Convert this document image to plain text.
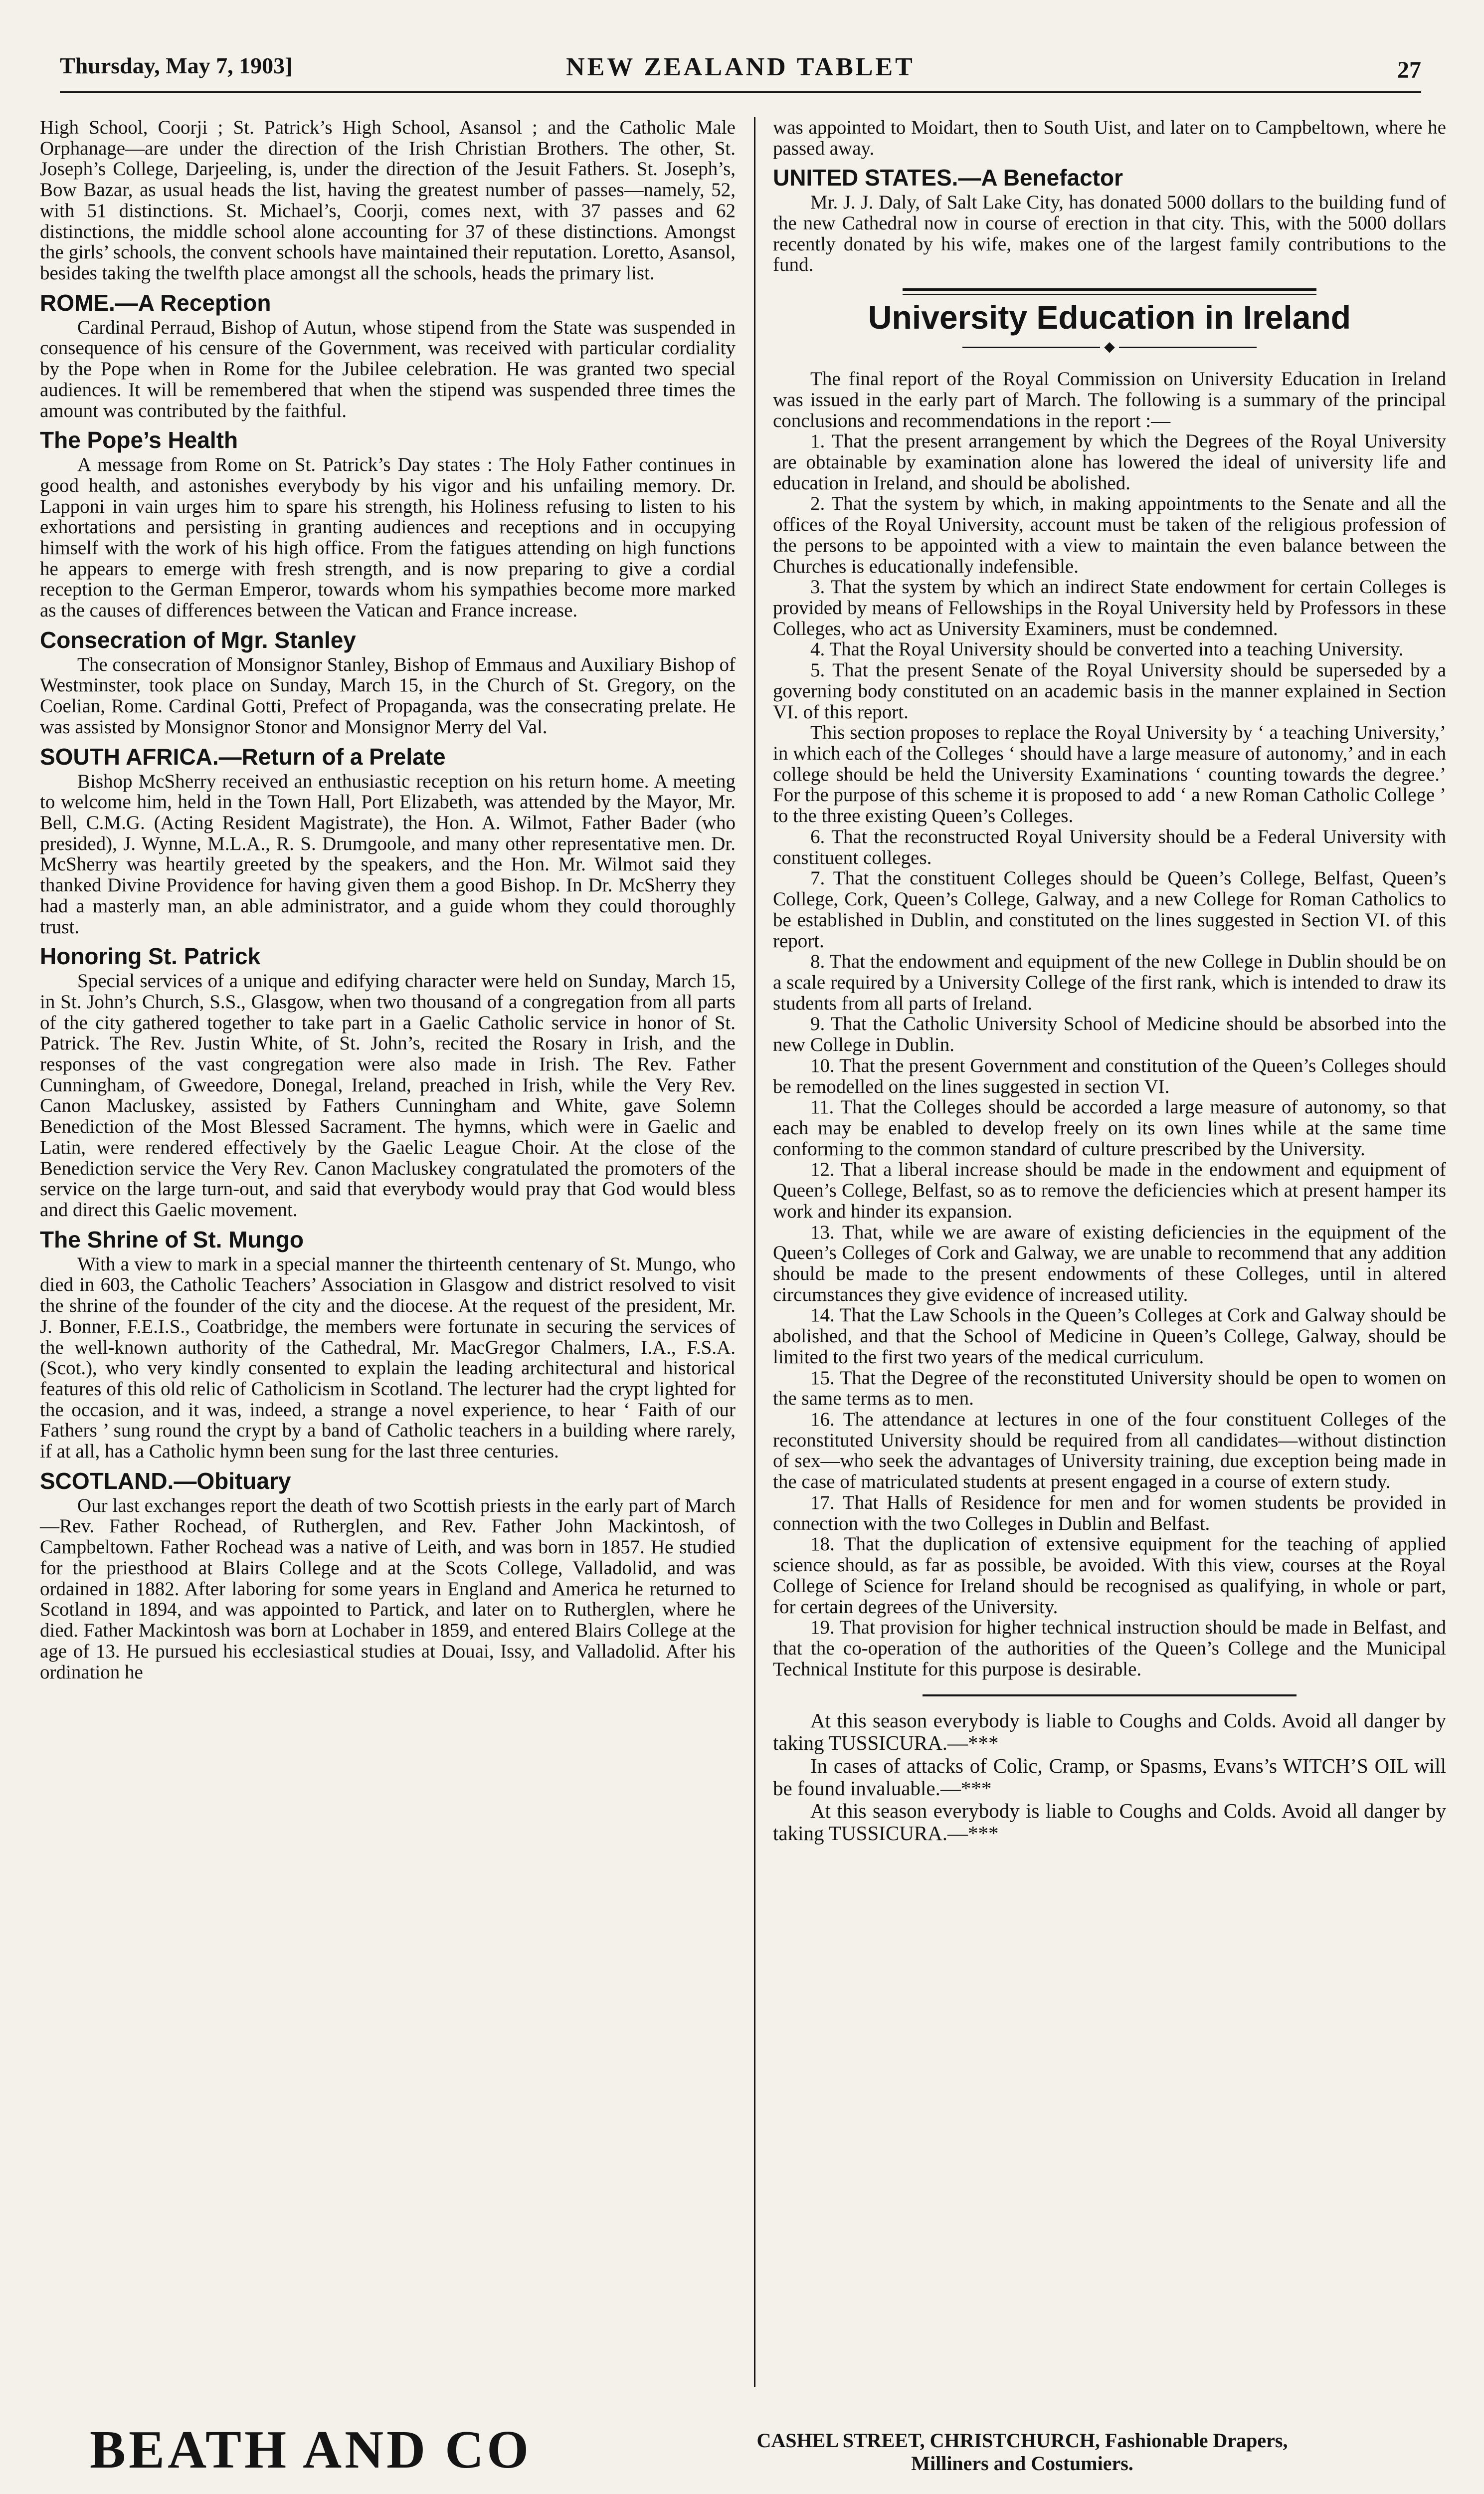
Thursday, May 7, 1903]	NEW ZEALAND TABLET	27

High School, Coorji ; St. Patrick’s High School, Asansol ; and the Catholic Male Orphanage—are under the direction of the Irish Christian Brothers. The other, St. Joseph’s College, Darjeeling, is, under the direction of the Jesuit Fathers. St. Joseph’s, Bow Bazar, as usual heads the list, having the greatest number of passes—namely, 52, with 51 distinctions. St. Michael’s, Coorji, comes next, with 37 passes and 62 distinctions, the middle school alone accounting for 37 of these distinctions. Amongst the girls’ schools, the convent schools have maintained their reputation. Loretto, Asansol, besides taking the twelfth place amongst all the schools, heads the primary list.

ROME.—A Reception

Cardinal Perraud, Bishop of Autun, whose stipend from the State was suspended in consequence of his censure of the Government, was received with particular cordiality by the Pope when in Rome for the Jubilee celebration. He was granted two special audiences. It will be remembered that when the stipend was suspended three times the amount was contributed by the faithful.

The Pope’s Health

A message from Rome on St. Patrick’s Day states : The Holy Father continues in good health, and astonishes everybody by his vigor and his unfailing memory. Dr. Lapponi in vain urges him to spare his strength, his Holiness refusing to listen to his exhortations and persisting in granting audiences and receptions and in occupying himself with the work of his high office. From the fatigues attending on high functions he appears to emerge with fresh strength, and is now preparing to give a cordial reception to the German Emperor, towards whom his sympathies become more marked as the causes of differences between the Vatican and France increase.

Consecration of Mgr. Stanley

The consecration of Monsignor Stanley, Bishop of Emmaus and Auxiliary Bishop of Westminster, took place on Sunday, March 15, in the Church of St. Gregory, on the Coelian, Rome. Cardinal Gotti, Prefect of Propaganda, was the consecrating prelate. He was assisted by Monsignor Stonor and Monsignor Merry del Val.

SOUTH AFRICA.—Return of a Prelate

Bishop McSherry received an enthusiastic reception on his return home. A meeting to welcome him, held in the Town Hall, Port Elizabeth, was attended by the Mayor, Mr. Bell, C.M.G. (Acting Resident Magistrate), the Hon. A. Wilmot, Father Bader (who presided), J. Wynne, M.L.A., R. S. Drumgoole, and many other representative men. Dr. McSherry was heartily greeted by the speakers, and the Hon. Mr. Wilmot said they thanked Divine Providence for having given them a good Bishop. In Dr. McSherry they had a masterly man, an able administrator, and a guide whom they could thoroughly trust.

Honoring St. Patrick

Special services of a unique and edifying character were held on Sunday, March 15, in St. John’s Church, S.S., Glasgow, when two thousand of a congregation from all parts of the city gathered together to take part in a Gaelic Catholic service in honor of St. Patrick. The Rev. Justin White, of St. John’s, recited the Rosary in Irish, and the responses of the vast congregation were also made in Irish. The Rev. Father Cunningham, of Gweedore, Donegal, Ireland, preached in Irish, while the Very Rev. Canon Macluskey, assisted by Fathers Cunningham and White, gave Solemn Benediction of the Most Blessed Sacrament. The hymns, which were in Gaelic and Latin, were rendered effectively by the Gaelic League Choir. At the close of the Benediction service the Very Rev. Canon Macluskey congratulated the promoters of the service on the large turn-out, and said that everybody would pray that God would bless and direct this Gaelic movement.

The Shrine of St. Mungo

With a view to mark in a special manner the thirteenth centenary of St. Mungo, who died in 603, the Catholic Teachers’ Association in Glasgow and district resolved to visit the shrine of the founder of the city and the diocese. At the request of the president, Mr. J. Bonner, F.E.I.S., Coatbridge, the members were fortunate in securing the services of the well-known authority of the Cathedral, Mr. MacGregor Chalmers, I.A., F.S.A. (Scot.), who very kindly consented to explain the leading architectural and historical features of this old relic of Catholicism in Scotland. The lecturer had the crypt lighted for the occasion, and it was, indeed, a strange a novel experience, to hear ‘ Faith of our Fathers ’ sung round the crypt by a band of Catholic teachers in a building where rarely, if at all, has a Catholic hymn been sung for the last three centuries.

SCOTLAND.—Obituary

Our last exchanges report the death of two Scottish priests in the early part of March—Rev. Father Rochead, of Rutherglen, and Rev. Father John Mackintosh, of Campbeltown. Father Rochead was a native of Leith, and was born in 1857. He studied for the priesthood at Blairs College and at the Scots College, Valladolid, and was ordained in 1882. After laboring for some years in England and America he returned to Scotland in 1894, and was appointed to Partick, and later on to Rutherglen, where he died. Father Mackintosh was born at Lochaber in 1859, and entered Blairs College at the age of 13. He pursued his ecclesiastical studies at Douai, Issy, and Valladolid. After his ordination he

was appointed to Moidart, then to South Uist, and later on to Campbeltown, where he passed away.

UNITED STATES.—A Benefactor

Mr. J. J. Daly, of Salt Lake City, has donated 5000 dollars to the building fund of the new Cathedral now in course of erection in that city. This, with the 5000 dollars recently donated by his wife, makes one of the largest family contributions to the fund.

University Education in Ireland
◆

The final report of the Royal Commission on University Education in Ireland was issued in the early part of March. The following is a summary of the principal conclusions and recommendations in the report :—

1. That the present arrangement by which the Degrees of the Royal University are obtainable by examination alone has lowered the ideal of university life and education in Ireland, and should be abolished.

2. That the system by which, in making appointments to the Senate and all the offices of the Royal University, account must be taken of the religious profession of the persons to be appointed with a view to maintain the even balance between the Churches is educationally indefensible.

3. That the system by which an indirect State endowment for certain Colleges is provided by means of Fellowships in the Royal University held by Professors in these Colleges, who act as University Examiners, must be condemned.

4. That the Royal University should be converted into a teaching University.

5. That the present Senate of the Royal University should be superseded by a governing body constituted on an academic basis in the manner explained in Section VI. of this report.

This section proposes to replace the Royal University by ‘ a teaching University,’ in which each of the Colleges ‘ should have a large measure of autonomy,’ and in each college should be held the University Examinations ‘ counting towards the degree.’ For the purpose of this scheme it is proposed to add ‘ a new Roman Catholic College ’ to the three existing Queen’s Colleges.

6. That the reconstructed Royal University should be a Federal University with constituent colleges.

7. That the constituent Colleges should be Queen’s College, Belfast, Queen’s College, Cork, Queen’s College, Galway, and a new College for Roman Catholics to be established in Dublin, and constituted on the lines suggested in Section VI. of this report.

8. That the endowment and equipment of the new College in Dublin should be on a scale required by a University College of the first rank, which is intended to draw its students from all parts of Ireland.

9. That the Catholic University School of Medicine should be absorbed into the new College in Dublin.

10. That the present Government and constitution of the Queen’s Colleges should be remodelled on the lines suggested in section VI.

11. That the Colleges should be accorded a large measure of autonomy, so that each may be enabled to develop freely on its own lines while at the same time conforming to the common standard of culture prescribed by the University.

12. That a liberal increase should be made in the endowment and equipment of Queen’s College, Belfast, so as to remove the deficiencies which at present hamper its work and hinder its expansion.

13. That, while we are aware of existing deficiencies in the equipment of the Queen’s Colleges of Cork and Galway, we are unable to recommend that any addition should be made to the present endowments of these Colleges, until in altered circumstances they give evidence of increased utility.

14. That the Law Schools in the Queen’s Colleges at Cork and Galway should be abolished, and that the School of Medicine in Queen’s College, Galway, should be limited to the first two years of the medical curriculum.

15. That the Degree of the reconstituted University should be open to women on the same terms as to men.

16. The attendance at lectures in one of the four constituent Colleges of the reconstituted University should be required from all candidates—without distinction of sex—who seek the advantages of University training, due exception being made in the case of matriculated students at present engaged in a course of extern study.

17. That Halls of Residence for men and for women students be provided in connection with the two Colleges in Dublin and Belfast.

18. That the duplication of extensive equipment for the teaching of applied science should, as far as possible, be avoided. With this view, courses at the Royal College of Science for Ireland should be recognised as qualifying, in whole or part, for certain degrees of the University.

19. That provision for higher technical instruction should be made in Belfast, and that the co-operation of the authorities of the Queen’s College and the Municipal Technical Institute for this purpose is desirable.

At this season everybody is liable to Coughs and Colds. Avoid all danger by taking TUSSICURA.—***

In cases of attacks of Colic, Cramp, or Spasms, Evans’s WITCH’S OIL will be found invaluable.—***

At this season everybody is liable to Coughs and Colds. Avoid all danger by taking TUSSICURA.—***

BEATH AND CO	CASHEL STREET, CHRISTCHURCH, Fashionable Drapers,
Milliners and Costumiers.
